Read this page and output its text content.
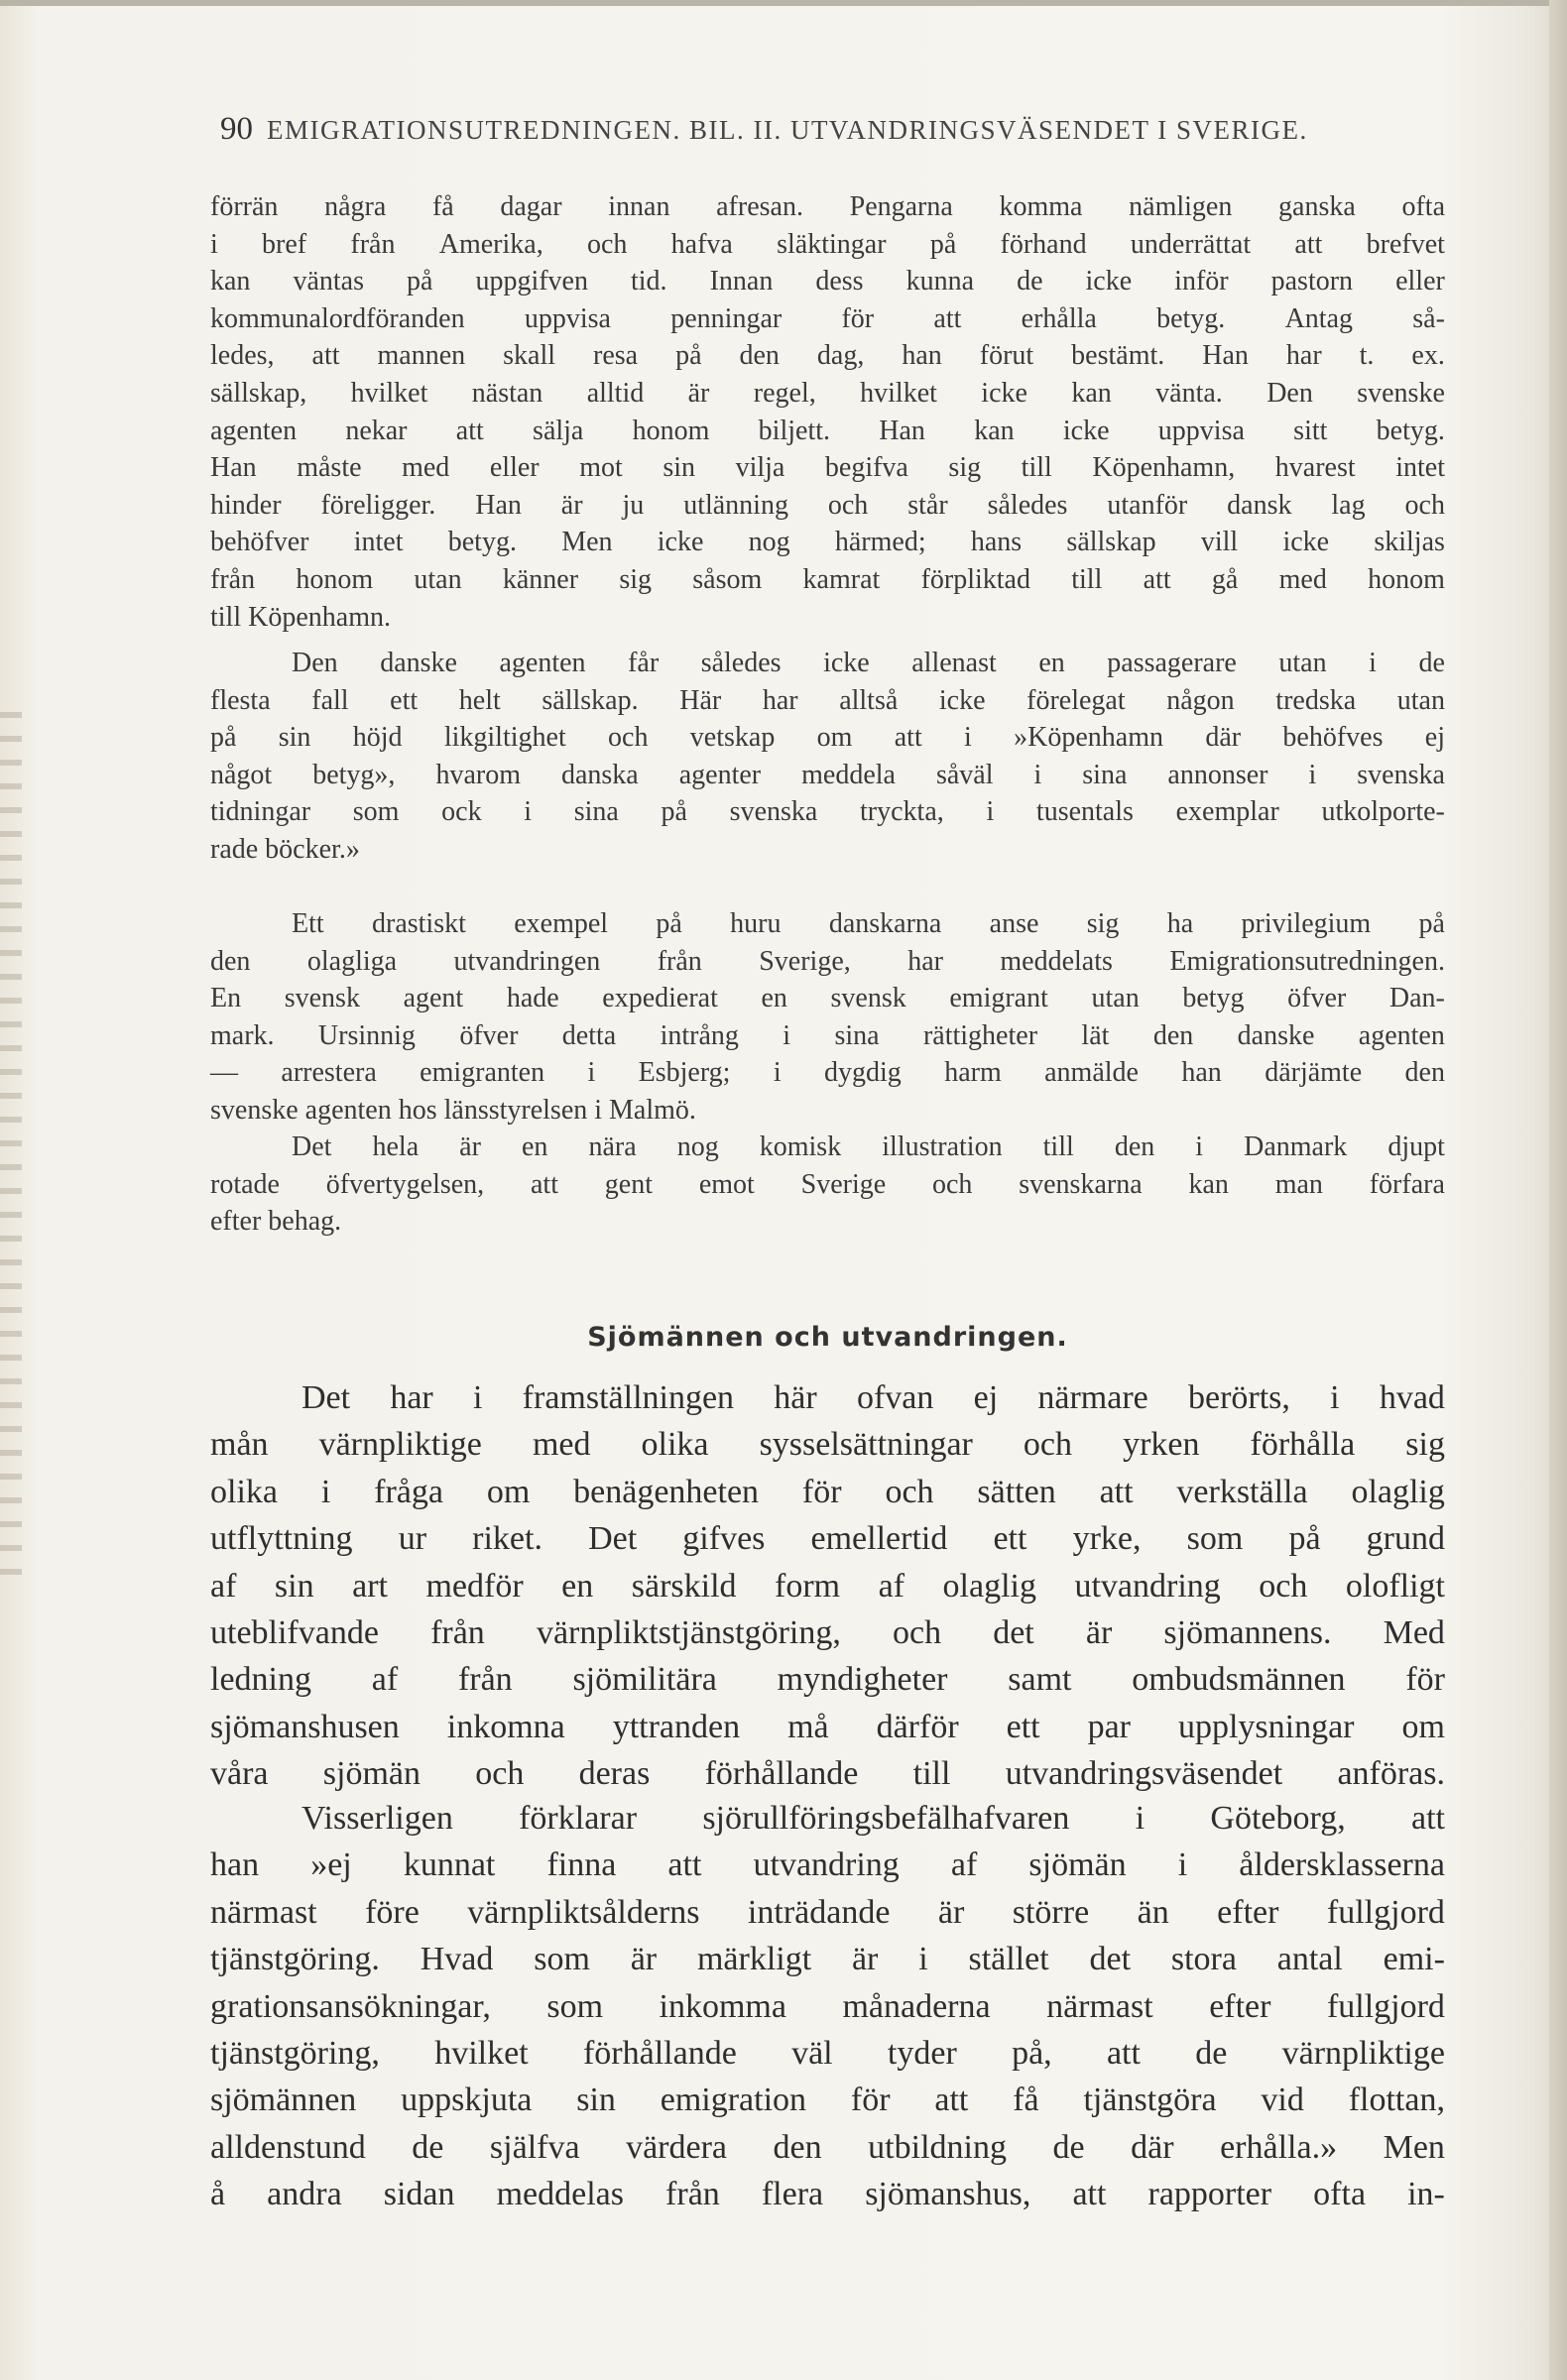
90 EMIGRATIONSUTREDNINGEN. BIL. II. UTVANDRINGSVÄSENDET I SVERIGE.
förrän några få dagar innan afresan. Pengarna komma nämligen ganska ofta
i bref från Amerika, och hafva släktingar på förhand underrättat att brefvet
kan väntas på uppgifven tid. Innan dess kunna de icke inför pastorn eller
kommunalordföranden uppvisa penningar för att erhålla betyg. Antag så-
ledes, att mannen skall resa på den dag, han förut bestämt. Han har t. ex.
sällskap, hvilket nästan alltid är regel, hvilket icke kan vänta. Den svenske
agenten nekar att sälja honom biljett. Han kan icke uppvisa sitt betyg.
Han måste med eller mot sin vilja begifva sig till Köpenhamn, hvarest intet
hinder föreligger. Han är ju utlänning och står således utanför dansk lag och
behöfver intet betyg. Men icke nog härmed; hans sällskap vill icke skiljas
från honom utan känner sig såsom kamrat förpliktad till att gå med honom
till Köpenhamn.
Den danske agenten får således icke allenast en passagerare utan i de
flesta fall ett helt sällskap. Här har alltså icke förelegat någon tredska utan
på sin höjd likgiltighet och vetskap om att i »Köpenhamn där behöfves ej
något betyg», hvarom danska agenter meddela såväl i sina annonser i svenska
tidningar som ock i sina på svenska tryckta, i tusentals exemplar utkolporte-
rade böcker.»
Ett drastiskt exempel på huru danskarna anse sig ha privilegium på
den olagliga utvandringen från Sverige, har meddelats Emigrationsutredningen.
En svensk agent hade expedierat en svensk emigrant utan betyg öfver Dan-
mark. Ursinnig öfver detta intrång i sina rättigheter lät den danske agenten
— arrestera emigranten i Esbjerg; i dygdig harm anmälde han därjämte den
svenske agenten hos länsstyrelsen i Malmö.
Det hela är en nära nog komisk illustration till den i Danmark djupt
rotade öfvertygelsen, att gent emot Sverige och svenskarna kan man förfara
efter behag.
Sjömännen och utvandringen.
Det har i framställningen här ofvan ej närmare berörts, i hvad
mån värnpliktige med olika sysselsättningar och yrken förhålla sig
olika i fråga om benägenheten för och sätten att verkställa olaglig
utflyttning ur riket. Det gifves emellertid ett yrke, som på grund
af sin art medför en särskild form af olaglig utvandring och olofligt
uteblifvande från värnpliktstjänstgöring, och det är sjömannens. Med
ledning af från sjömilitära myndigheter samt ombudsmännen för
sjömanshusen inkomna yttranden må därför ett par upplysningar om
våra sjömän och deras förhållande till utvandringsväsendet anföras.
Visserligen förklarar sjörullföringsbefälhafvaren i Göteborg, att
han »ej kunnat finna att utvandring af sjömän i åldersklasserna
närmast före värnpliktsålderns inträdande är större än efter fullgjord
tjänstgöring. Hvad som är märkligt är i stället det stora antal emi-
grationsansökningar, som inkomma månaderna närmast efter fullgjord
tjänstgöring, hvilket förhållande väl tyder på, att de värnpliktige
sjömännen uppskjuta sin emigration för att få tjänstgöra vid flottan,
alldenstund de själfva värdera den utbildning de där erhålla.» Men
å andra sidan meddelas från flera sjömanshus, att rapporter ofta in-
